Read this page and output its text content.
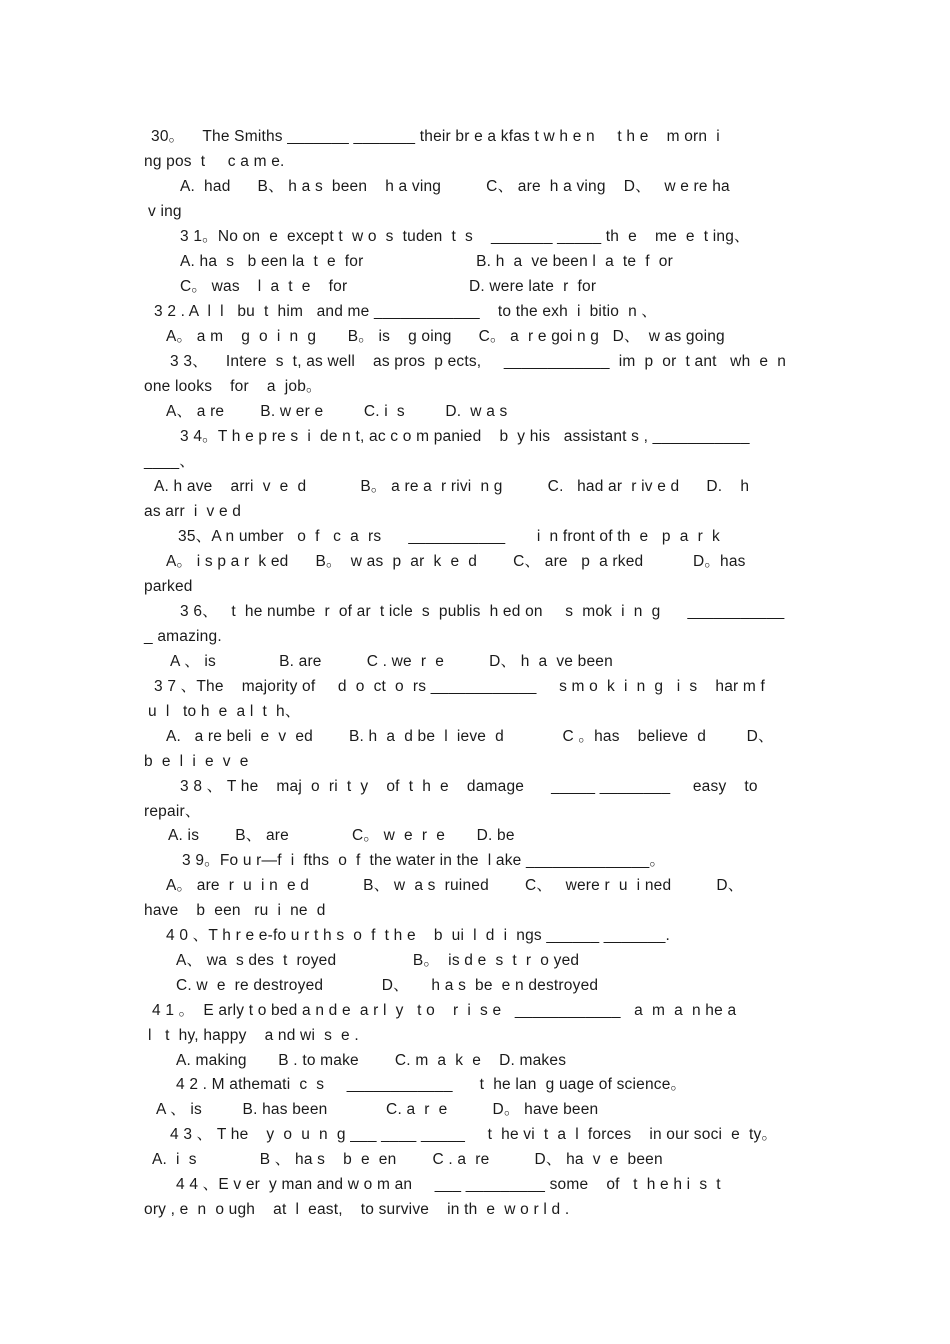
30。    The Smiths _______ _______ their br e a kfas t w h e n     t h e    m orn  i
ng pos  t     c a m e.
A.  had      B、 h a s  been    h a ving          C、 are  h a ving    D、   w e re ha
v ing
3 1。No on  e  except t  w o  s  tuden  t  s    _______ _____ th  e    me  e  t ing、
A. ha  s   b een la  t  e  for                         B. h  a  ve been l  a  te  f  or
C。 was    l  a  t  e    for                           D. were late  r  for
3 2 . A  l  l   bu  t  him   and me ____________    to the exh  i  bitio  n 、
A。 a m    g  o  i  n  g       B。 is    g oing      C。 a  r e goi n g   D、  w as going
3 3、    Intere  s  t, as well    as pros  p ects,     ____________  im  p  or  t ant   wh  e  n
one looks    for    a  job。
A、 a re        B. w er e         C. i  s         D.  w a s
3 4。T h e p re s  i  de n t, ac c o m panied    b  y his   assistant s , ___________
____、
A. h ave    arri  v  e  d            B。 a re a  r rivi  n g          C.   had ar  r iv e d      D.    h
as arr  i  v e d
35、A n umber   o  f   c  a  rs      ___________       i  n front of th  e   p  a  r  k
A。 i s p a r  k ed      B。  w as  p  ar  k  e  d        C、 are   p  a rked           D。has
parked
3 6、   t  he numbe  r  of ar  t icle  s  publis  h ed on     s  mok  i  n  g      ___________
_ amazing.
A 、 is              B. are          C . we  r  e          D、 h  a  ve been
3 7 、The    majority of     d  o  ct  o  rs ____________     s m o  k  i  n  g   i  s    har m f
u  l   to h  e  a l  t  h、
A.   a re beli  e  v  ed        B. h  a  d be  l  ieve  d             C 。has    believe  d         D、
b  e  l  i  e  v  e
3 8 、 T he    maj  o  ri  t  y    of  t  h  e    damage      _____ ________     easy    to
repair、
A. is        B、 are              C。 w  e  r  e       D. be
3 9。Fo u r—f  i  fths  o  f  the water in the  l ake ______________。
A。 are  r  u  i n  e d            B、 w  a s  ruined        C、   were r  u  i ned          D、
have    b  een   ru  i  ne  d
4 0 、T h r e e-fo u r t h s  o  f  t h e    b  ui  l  d  i  ngs ______ _______.
A、 wa  s des  t  royed                 B。  is d e  s  t  r  o yed
C. w  e  re destroyed             D、     h a s  be  e n destroyed
4 1 。  E arly t o bed a n d e  a r l  y   t o    r  i  s e   ____________   a  m  a  n he a
l   t  hy, happy    a nd wi  s  e .
A. making       B . to make        C. m  a  k  e    D. makes
4 2 . M athemati  c  s     ____________      t  he lan  g uage of science。
A 、 is         B. has been             C. a  r  e          D。 have been
4 3 、 T he    y  o  u  n  g ___ ____ _____     t  he vi  t  a  l  forces    in our soci  e  ty。
A.  i  s              B 、 ha s    b  e  en        C . a  re          D、 ha  v  e  been
4 4 、E v er  y man and w o m an     ___ _________ some    of   t  h e h i  s  t
ory , e  n  o ugh    at  l  east,    to survive    in th  e  w o r l d .
